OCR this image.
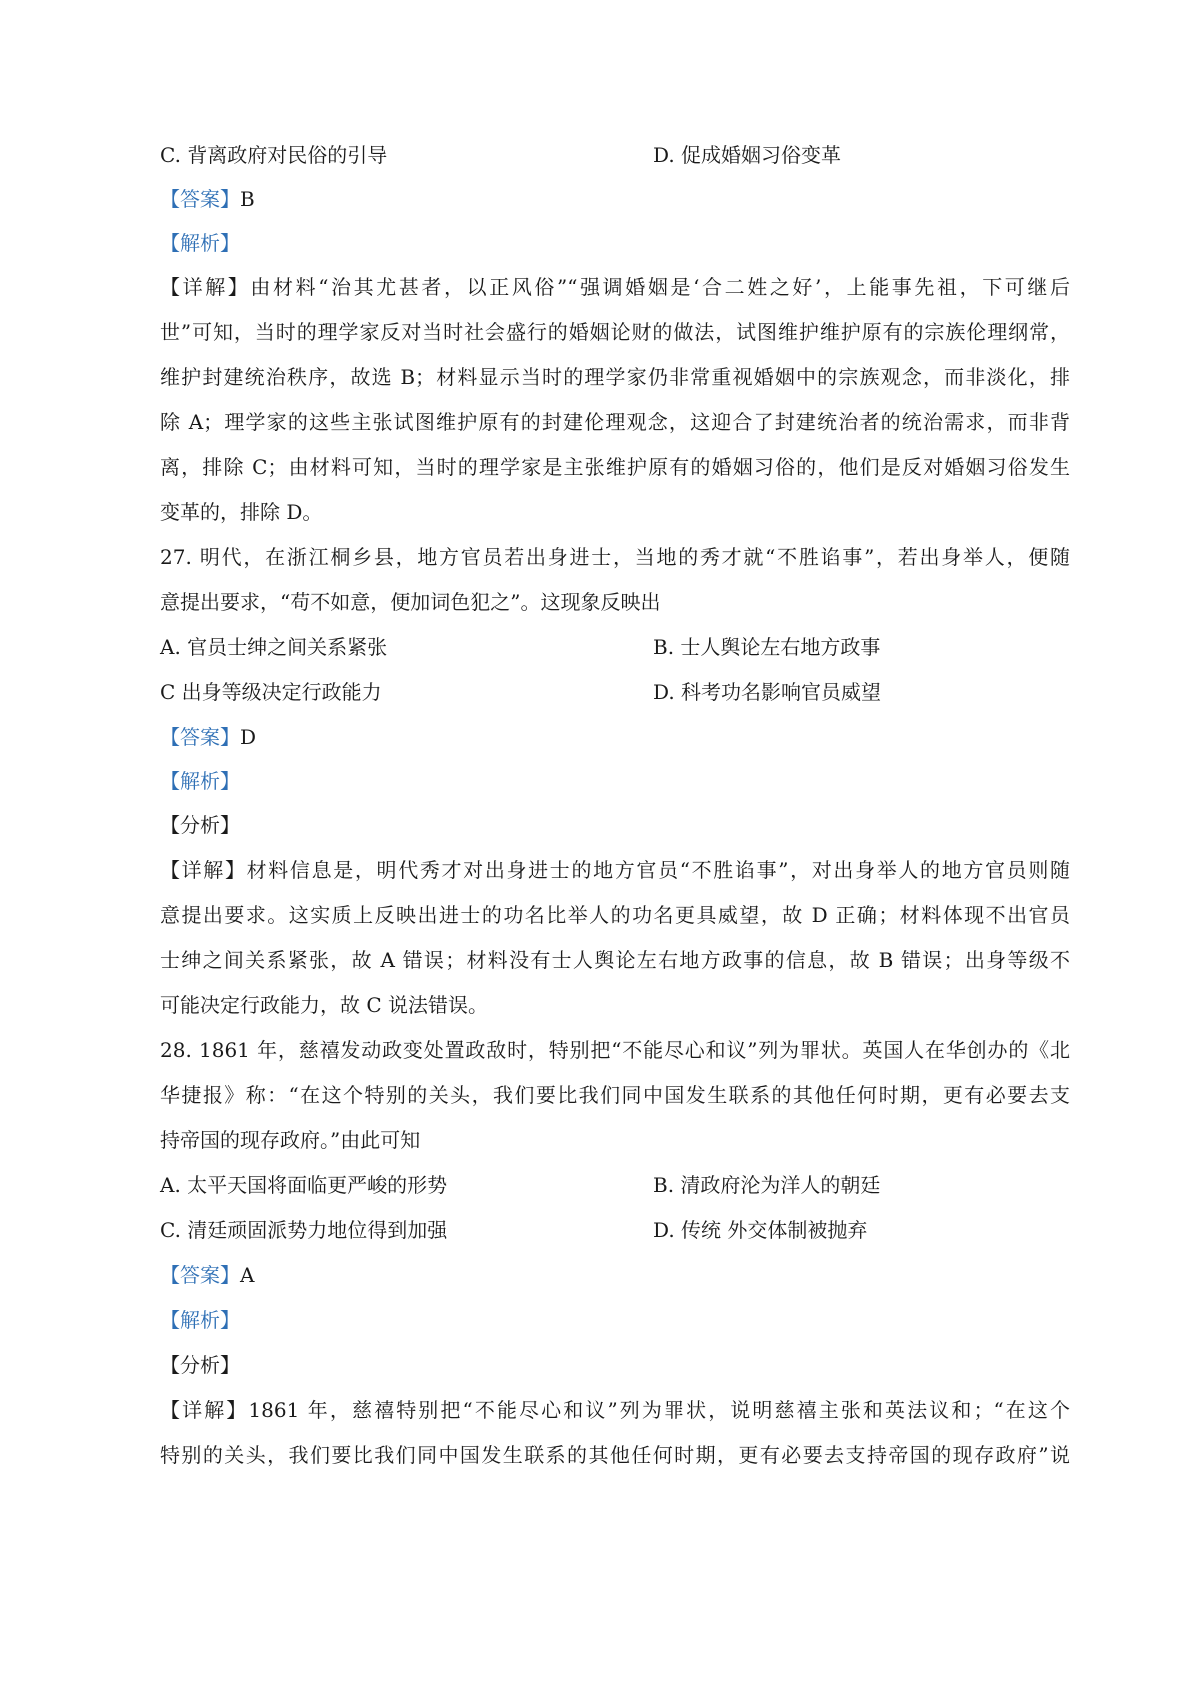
C. 背离政府对民俗的引导	D. 促成婚姻习俗变革
【答案】B
【解析】
【详解】由材料“治其尤甚者，以正风俗”“强调婚姻是‘合二姓之好’，上能事先祖，下可继后
世”可知，当时的理学家反对当时社会盛行的婚姻论财的做法，试图维护维护原有的宗族伦理纲常，
维护封建统治秩序，故选 B；材料显示当时的理学家仍非常重视婚姻中的宗族观念，而非淡化，排
除 A；理学家的这些主张试图维护原有的封建伦理观念，这迎合了封建统治者的统治需求，而非背
离，排除 C；由材料可知，当时的理学家是主张维护原有的婚姻习俗的，他们是反对婚姻习俗发生
变革的，排除 D。
27. 明代，在浙江桐乡县，地方官员若出身进士，当地的秀才就“不胜谄事”，若出身举人，便随
意提出要求，“苟不如意，便加词色犯之”。这现象反映出
A. 官员士绅之间关系紧张	B. 士人舆论左右地方政事
C 出身等级决定行政能力	D. 科考功名影响官员威望
【答案】D
【解析】
【分析】
【详解】材料信息是，明代秀才对出身进士的地方官员“不胜谄事”，对出身举人的地方官员则随
意提出要求。这实质上反映出进士的功名比举人的功名更具威望，故 D 正确；材料体现不出官员
士绅之间关系紧张，故 A 错误；材料没有士人舆论左右地方政事的信息，故 B 错误；出身等级不
可能决定行政能力，故 C 说法错误。
28. 1861 年，慈禧发动政变处置政敌时，特别把“不能尽心和议”列为罪状。英国人在华创办的《北
华捷报》称：“在这个特别的关头，我们要比我们同中国发生联系的其他任何时期，更有必要去支
持帝国的现存政府。”由此可知
A. 太平天国将面临更严峻的形势	B. 清政府沦为洋人的朝廷
C. 清廷顽固派势力地位得到加强	D. 传统 外交体制被抛弃
【答案】A
【解析】
【分析】
【详解】1861 年，慈禧特别把“不能尽心和议”列为罪状，说明慈禧主张和英法议和；“在这个
特别的关头，我们要比我们同中国发生联系的其他任何时期，更有必要去支持帝国的现存政府”说
